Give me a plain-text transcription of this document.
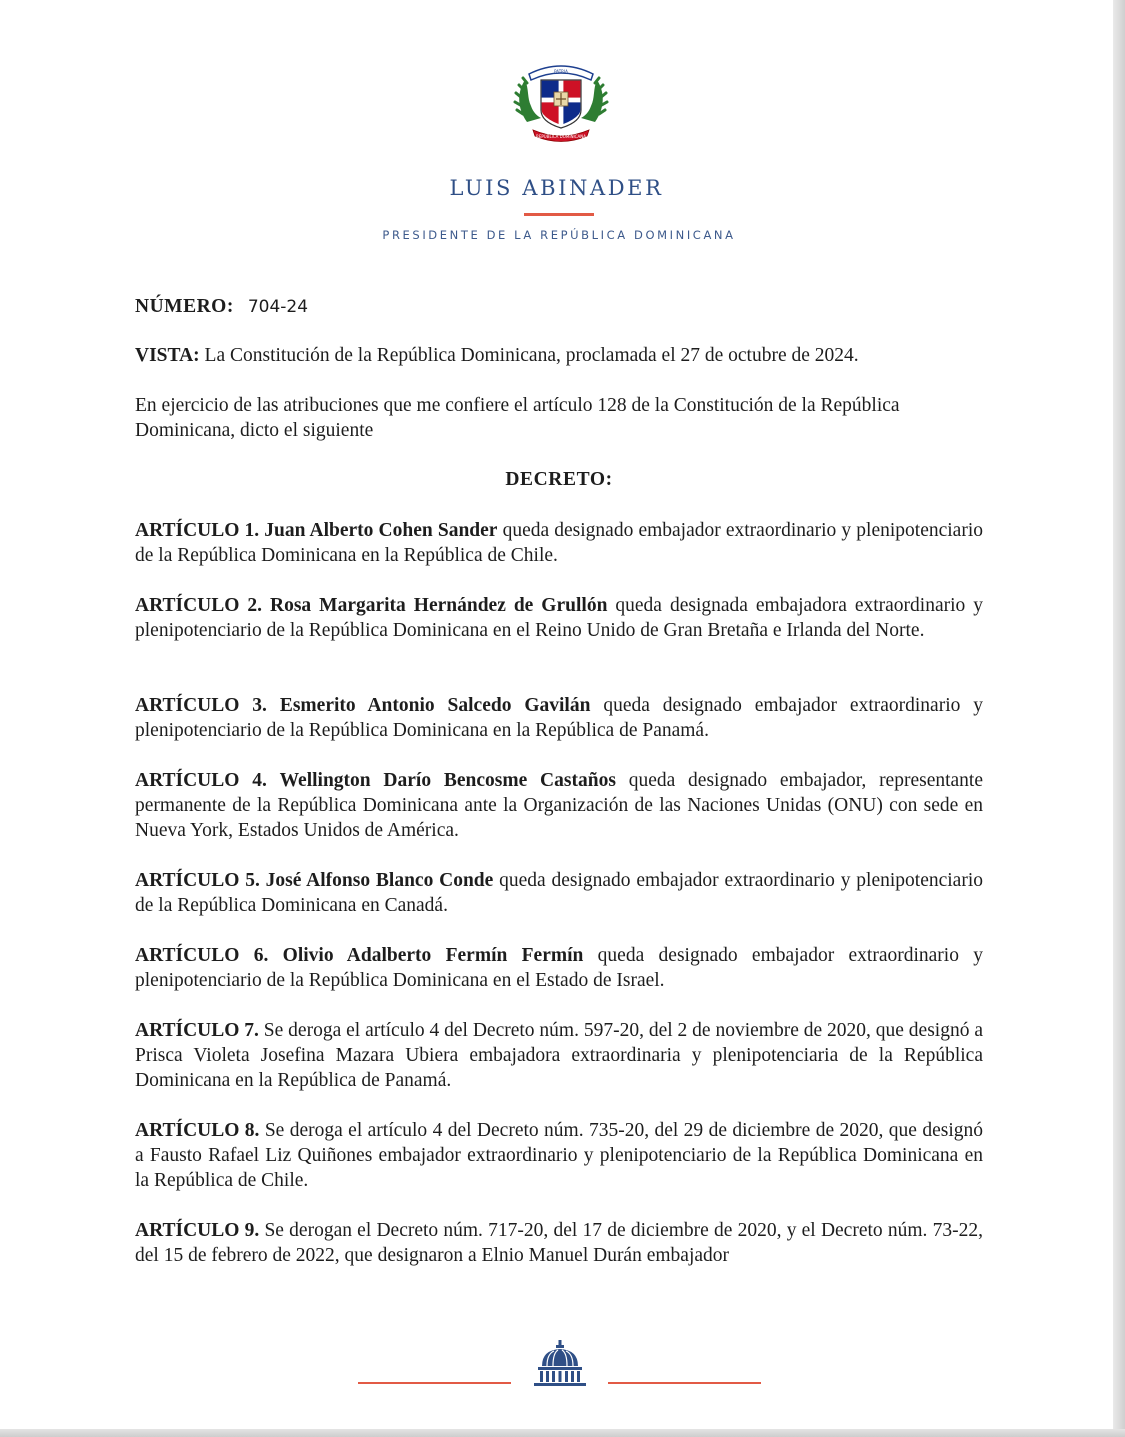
PATRIA
REPÚBLICA DOMINICANA
LUIS ABINADER
PRESIDENTE DE LA REPÚBLICA DOMINICANA
NÚMERO: 704-24
VISTA: La Constitución de la República Dominicana, proclamada el 27 de octubre de 2024.
En ejercicio de las atribuciones que me confiere el artículo 128 de la Constitución de la República Dominicana, dicto el siguiente
DECRETO:
ARTÍCULO 1. Juan Alberto Cohen Sander queda designado embajador extraordinario y plenipotenciario de la República Dominicana en la República de Chile.
ARTÍCULO 2. Rosa Margarita Hernández de Grullón queda designada embajadora extraordinario y plenipotenciario de la República Dominicana en el Reino Unido de Gran Bretaña e Irlanda del Norte.
ARTÍCULO 3. Esmerito Antonio Salcedo Gavilán queda designado embajador extraordinario y plenipotenciario de la República Dominicana en la República de Panamá.
ARTÍCULO 4. Wellington Darío Bencosme Castaños queda designado embajador, representante permanente de la República Dominicana ante la Organización de las Naciones Unidas (ONU) con sede en Nueva York, Estados Unidos de América.
ARTÍCULO 5. José Alfonso Blanco Conde queda designado embajador extraordinario y plenipotenciario de la República Dominicana en Canadá.
ARTÍCULO 6. Olivio Adalberto Fermín Fermín queda designado embajador extraordinario y plenipotenciario de la República Dominicana en el Estado de Israel.
ARTÍCULO 7. Se deroga el artículo 4 del Decreto núm. 597-20, del 2 de noviembre de 2020, que designó a Prisca Violeta Josefina Mazara Ubiera embajadora extraordinaria y plenipotenciaria de la República Dominicana en la República de Panamá.
ARTÍCULO 8. Se deroga el artículo 4 del Decreto núm. 735-20, del 29 de diciembre de 2020, que designó a Fausto Rafael Liz Quiñones embajador extraordinario y plenipotenciario de la República Dominicana en la República de Chile.
ARTÍCULO 9. Se derogan el Decreto núm. 717-20, del 17 de diciembre de 2020, y el Decreto núm. 73-22, del 15 de febrero de 2022, que designaron a Elnio Manuel Durán embajador
